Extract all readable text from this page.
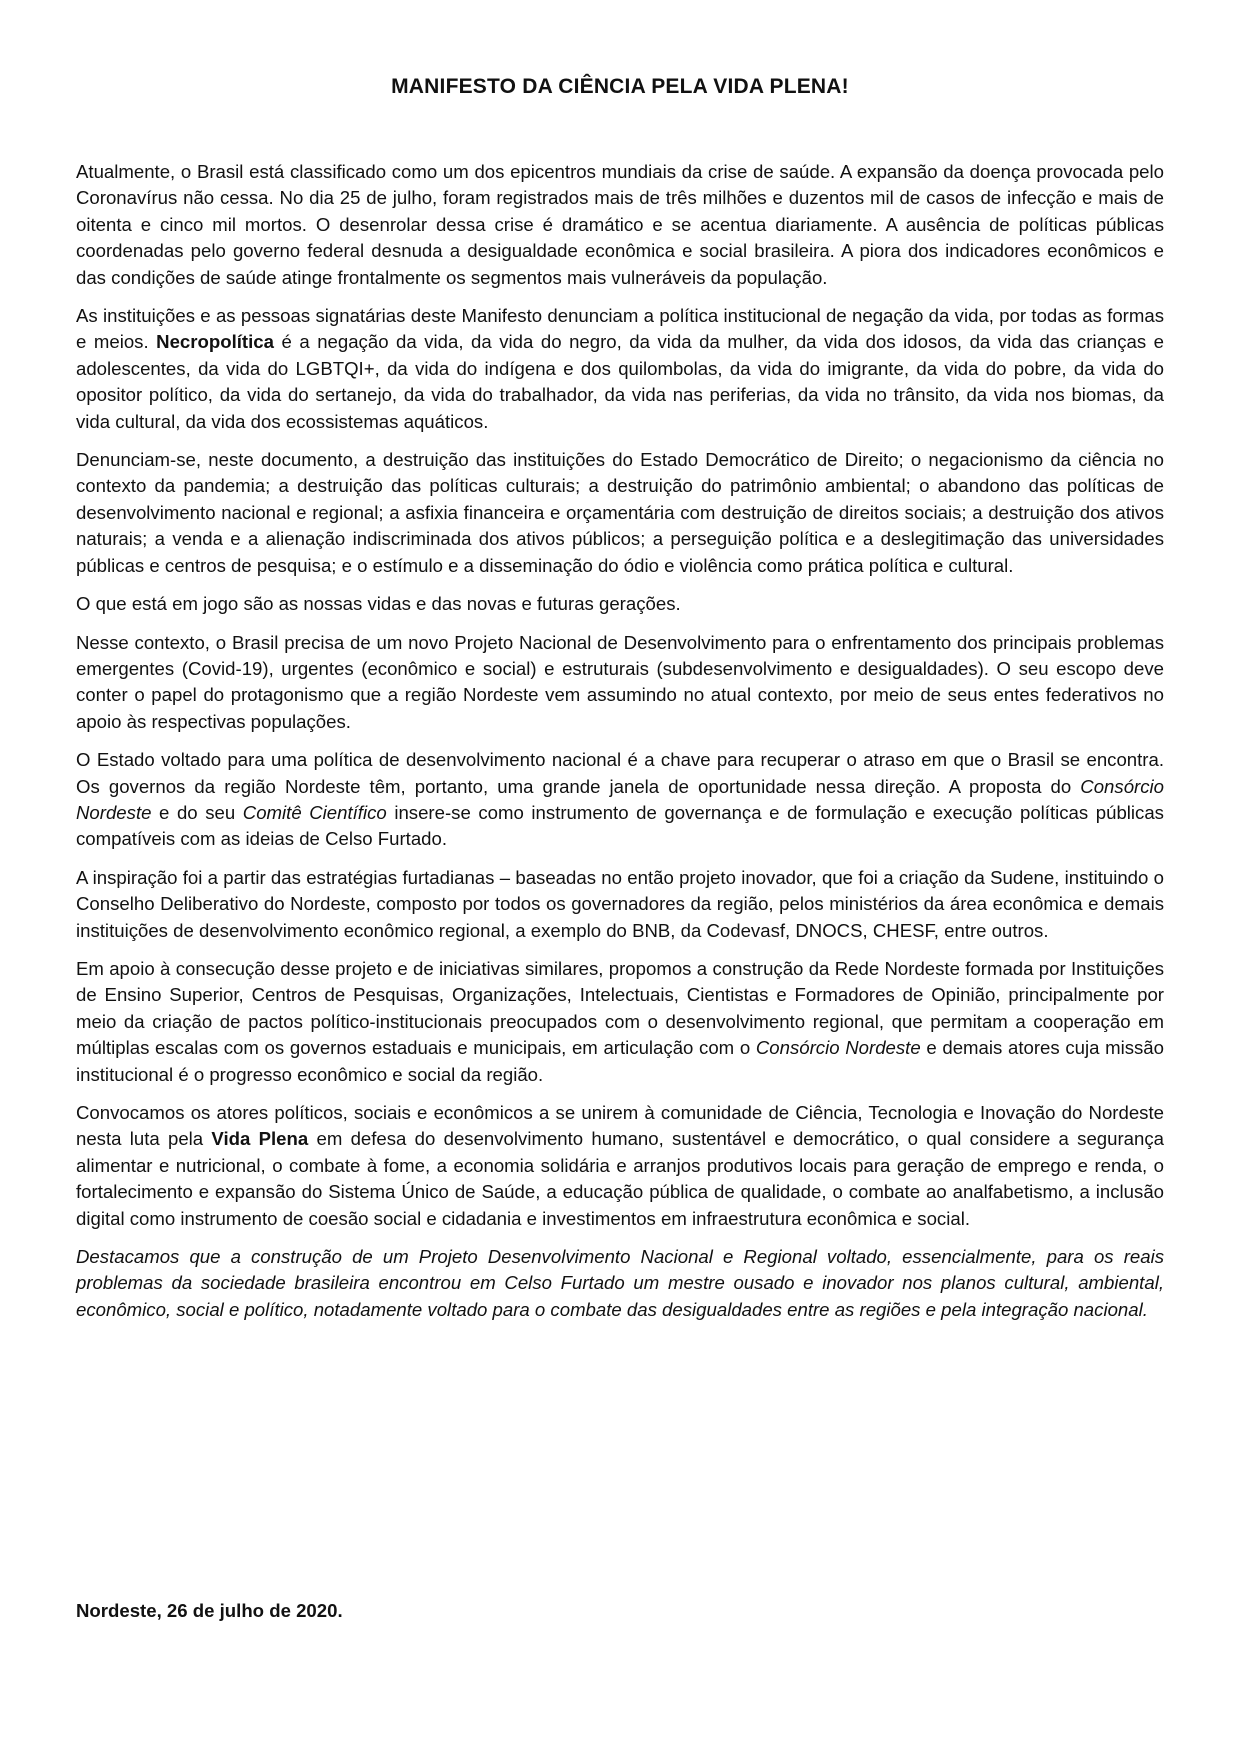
MANIFESTO DA CIÊNCIA PELA VIDA PLENA!

Atualmente, o Brasil está classificado como um dos epicentros mundiais da crise de saúde. A expansão da doença provocada pelo Coronavírus não cessa. No dia 25 de julho, foram registrados mais de três milhões e duzentos mil de casos de infecção e mais de oitenta e cinco mil mortos. O desenrolar dessa crise é dramático e se acentua diariamente. A ausência de políticas públicas coordenadas pelo governo federal desnuda a desigualdade econômica e social brasileira. A piora dos indicadores econômicos e das condições de saúde atinge frontalmente os segmentos mais vulneráveis da população.

As instituições e as pessoas signatárias deste Manifesto denunciam a política institucional de negação da vida, por todas as formas e meios. Necropolítica é a negação da vida, da vida do negro, da vida da mulher, da vida dos idosos, da vida das crianças e adolescentes, da vida do LGBTQI+, da vida do indígena e dos quilombolas, da vida do imigrante, da vida do pobre, da vida do opositor político, da vida do sertanejo, da vida do trabalhador, da vida nas periferias, da vida no trânsito, da vida nos biomas, da vida cultural, da vida dos ecossistemas aquáticos.

Denunciam-se, neste documento, a destruição das instituições do Estado Democrático de Direito; o negacionismo da ciência no contexto da pandemia; a destruição das políticas culturais; a destruição do patrimônio ambiental; o abandono das políticas de desenvolvimento nacional e regional; a asfixia financeira e orçamentária com destruição de direitos sociais; a destruição dos ativos naturais; a venda e a alienação indiscriminada dos ativos públicos; a perseguição política e a deslegitimação das universidades públicas e centros de pesquisa; e o estímulo e a disseminação do ódio e violência como prática política e cultural.

O que está em jogo são as nossas vidas e das novas e futuras gerações.

Nesse contexto, o Brasil precisa de um novo Projeto Nacional de Desenvolvimento para o enfrentamento dos principais problemas emergentes (Covid-19), urgentes (econômico e social) e estruturais (subdesenvolvimento e desigualdades). O seu escopo deve conter o papel do protagonismo que a região Nordeste vem assumindo no atual contexto, por meio de seus entes federativos no apoio às respectivas populações.

O Estado voltado para uma política de desenvolvimento nacional é a chave para recuperar o atraso em que o Brasil se encontra. Os governos da região Nordeste têm, portanto, uma grande janela de oportunidade nessa direção. A proposta do Consórcio Nordeste e do seu Comitê Científico insere-se como instrumento de governança e de formulação e execução políticas públicas compatíveis com as ideias de Celso Furtado.

A inspiração foi a partir das estratégias furtadianas – baseadas no então projeto inovador, que foi a criação da Sudene, instituindo o Conselho Deliberativo do Nordeste, composto por todos os governadores da região, pelos ministérios da área econômica e demais instituições de desenvolvimento econômico regional, a exemplo do BNB, da Codevasf, DNOCS, CHESF, entre outros.

Em apoio à consecução desse projeto e de iniciativas similares, propomos a construção da Rede Nordeste formada por Instituições de Ensino Superior, Centros de Pesquisas, Organizações, Intelectuais, Cientistas e Formadores de Opinião, principalmente por meio da criação de pactos político-institucionais preocupados com o desenvolvimento regional, que permitam a cooperação em múltiplas escalas com os governos estaduais e municipais, em articulação com o Consórcio Nordeste e demais atores cuja missão institucional é o progresso econômico e social da região.

Convocamos os atores políticos, sociais e econômicos a se unirem à comunidade de Ciência, Tecnologia e Inovação do Nordeste nesta luta pela Vida Plena em defesa do desenvolvimento humano, sustentável e democrático, o qual considere a segurança alimentar e nutricional, o combate à fome, a economia solidária e arranjos produtivos locais para geração de emprego e renda, o fortalecimento e expansão do Sistema Único de Saúde, a educação pública de qualidade, o combate ao analfabetismo, a inclusão digital como instrumento de coesão social e cidadania e investimentos em infraestrutura econômica e social.

Destacamos que a construção de um Projeto Desenvolvimento Nacional e Regional voltado, essencialmente, para os reais problemas da sociedade brasileira encontrou em Celso Furtado um mestre ousado e inovador nos planos cultural, ambiental, econômico, social e político, notadamente voltado para o combate das desigualdades entre as regiões e pela integração nacional.

Nordeste, 26 de julho de 2020.
